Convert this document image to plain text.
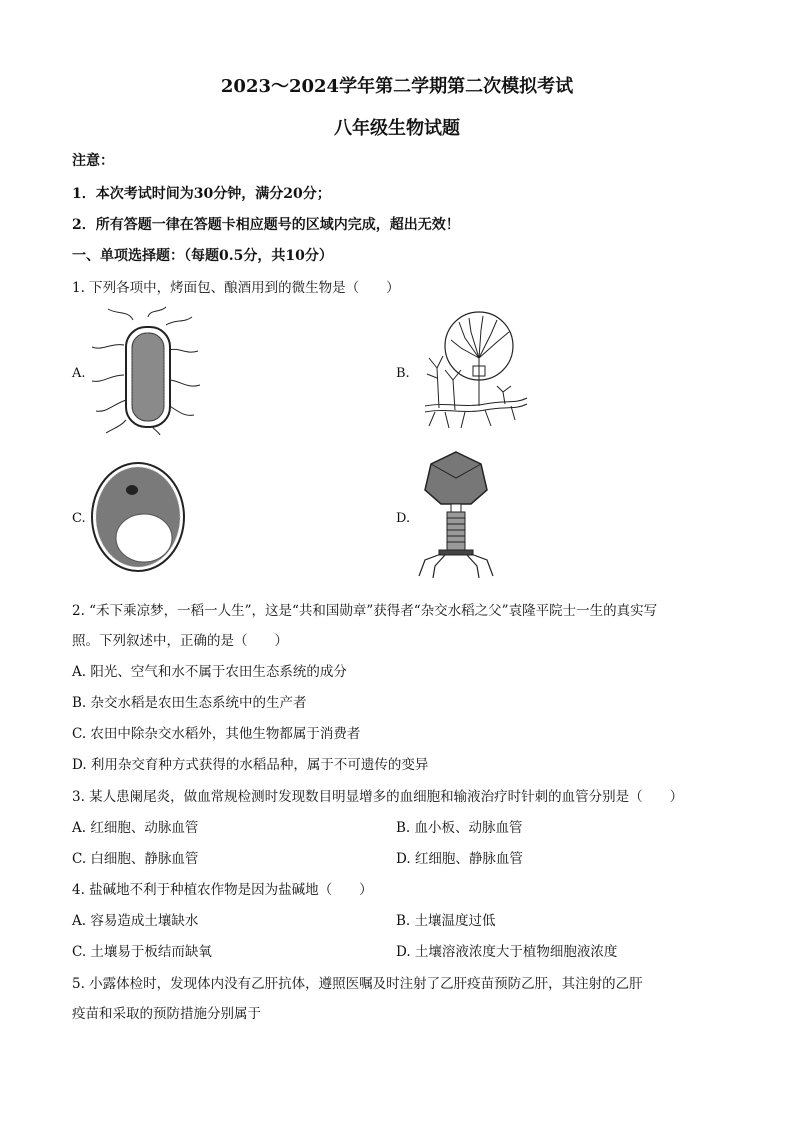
2023～2024学年第二学期第二次模拟考试
八年级生物试题
注意：
1．本次考试时间为30分钟，满分20分；
2．所有答题一律在答题卡相应题号的区域内完成，超出无效！
一、单项选择题：（每题0.5分，共10分）
1. 下列各项中，烤面包、酿酒用到的微生物是（　　）
A.	B.
C.	D.
2. “禾下乘凉梦，一稻一人生”，这是“共和国勋章”获得者“杂交水稻之父”袁隆平院士一生的真实写
照。下列叙述中，正确的是（　　）
A. 阳光、空气和水不属于农田生态系统的成分
B. 杂交水稻是农田生态系统中的生产者
C. 农田中除杂交水稻外，其他生物都属于消费者
D. 利用杂交育种方式获得的水稻品种，属于不可遗传的变异
3. 某人患阑尾炎，做血常规检测时发现数目明显增多的血细胞和输液治疗时针刺的血管分别是（　　）
A. 红细胞、动脉血管	B. 血小板、动脉血管
C. 白细胞、静脉血管	D. 红细胞、静脉血管
4. 盐碱地不利于种植农作物是因为盐碱地（　　）
A. 容易造成土壤缺水	B. 土壤温度过低
C. 土壤易于板结而缺氧	D. 土壤溶液浓度大于植物细胞液浓度
5. 小露体检时，发现体内没有乙肝抗体，遵照医嘱及时注射了乙肝疫苗预防乙肝，其注射的乙肝
疫苗和采取的预防措施分别属于
